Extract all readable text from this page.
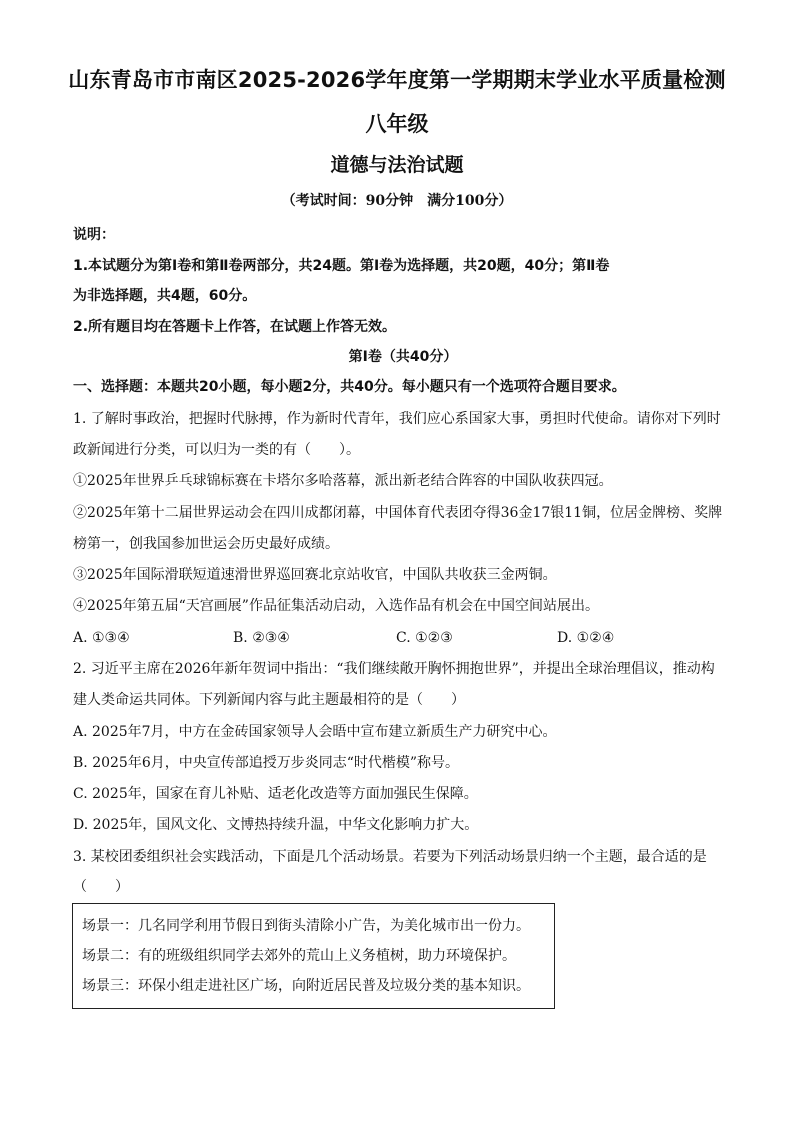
山东青岛市市南区2025-2026学年度第一学期期末学业水平质量检测
八年级
道德与法治试题
（考试时间：90分钟　满分100分）
说明：
1.本试题分为第Ⅰ卷和第Ⅱ卷两部分，共24题。第Ⅰ卷为选择题，共20题，40分；第Ⅱ卷
为非选择题，共4题，60分。
2.所有题目均在答题卡上作答，在试题上作答无效。
第Ⅰ卷（共40分）
一、选择题：本题共20小题，每小题2分，共40分。每小题只有一个选项符合题目要求。
1. 了解时事政治，把握时代脉搏，作为新时代青年，我们应心系国家大事，勇担时代使命。请你对下列时
政新闻进行分类，可以归为一类的有（　　）。
①2025年世界乒乓球锦标赛在卡塔尔多哈落幕，派出新老结合阵容的中国队收获四冠。
②2025年第十二届世界运动会在四川成都闭幕，中国体育代表团夺得36金17银11铜，位居金牌榜、奖牌
榜第一，创我国参加世运会历史最好成绩。
③2025年国际滑联短道速滑世界巡回赛北京站收官，中国队共收获三金两铜。
④2025年第五届“天宫画展”作品征集活动启动，入选作品有机会在中国空间站展出。
A. ①③④	B. ②③④	C. ①②③	D. ①②④
2. 习近平主席在2026年新年贺词中指出：“我们继续敞开胸怀拥抱世界”，并提出全球治理倡议，推动构
建人类命运共同体。下列新闻内容与此主题最相符的是（　　）
A. 2025年7月，中方在金砖国家领导人会晤中宣布建立新质生产力研究中心。
B. 2025年6月，中央宣传部追授万步炎同志“时代楷模”称号。
C. 2025年，国家在育儿补贴、适老化改造等方面加强民生保障。
D. 2025年，国风文化、文博热持续升温，中华文化影响力扩大。
3. 某校团委组织社会实践活动，下面是几个活动场景。若要为下列活动场景归纳一个主题，最合适的是
（　　）
场景一：几名同学利用节假日到街头清除小广告，为美化城市出一份力。
场景二：有的班级组织同学去郊外的荒山上义务植树，助力环境保护。
场景三：环保小组走进社区广场，向附近居民普及垃圾分类的基本知识。
